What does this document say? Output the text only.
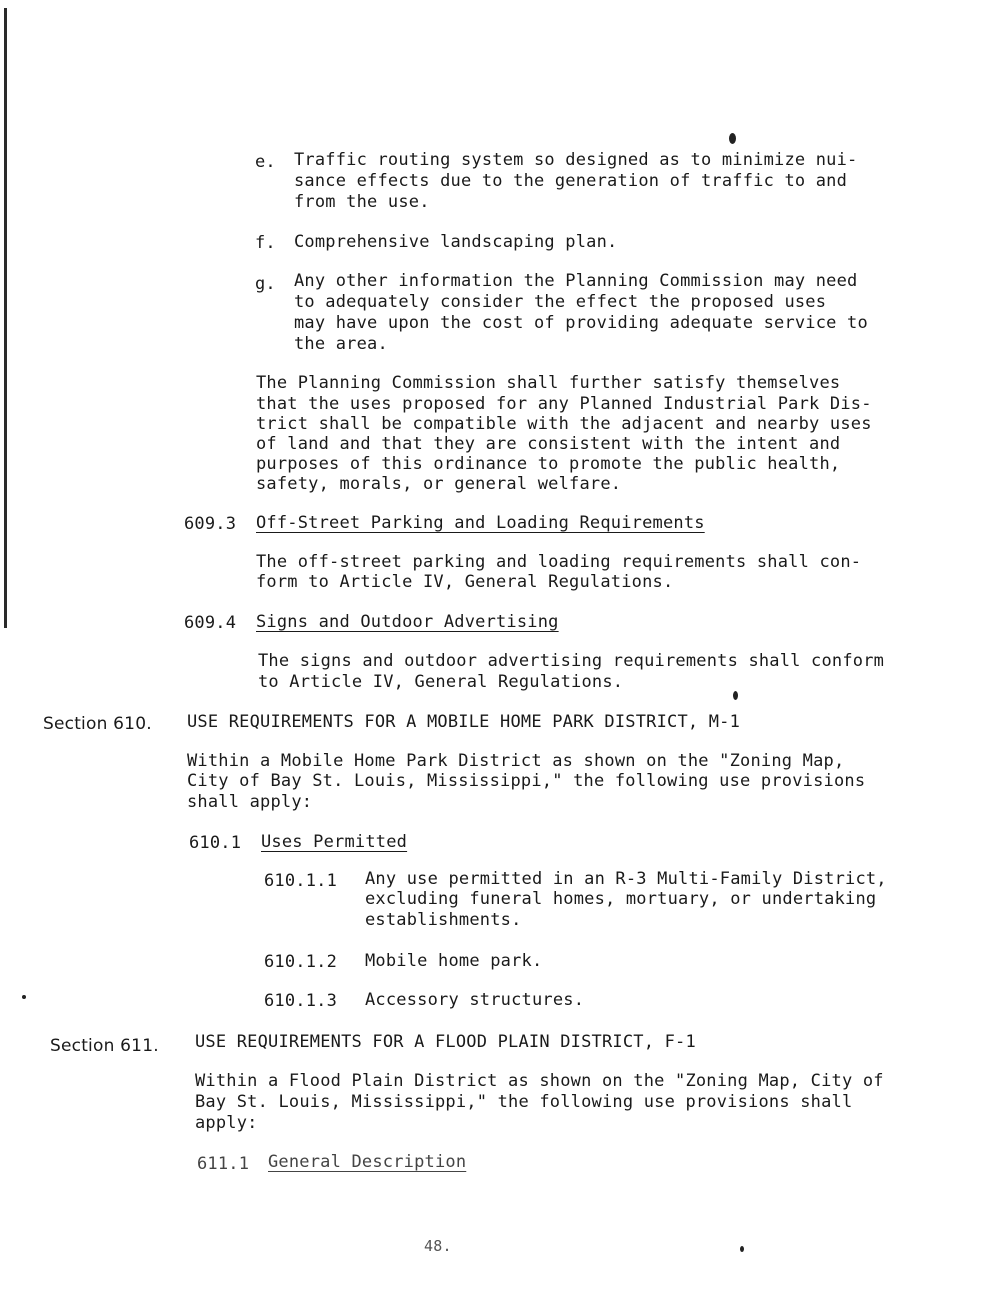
e. Traffic routing system so designed as to minimize nui-
sance effects due to the generation of traffic to and
from the use.
f. Comprehensive landscaping plan.
g. Any other information the Planning Commission may need
to adequately consider the effect the proposed uses
may have upon the cost of providing adequate service to
the area.
The Planning Commission shall further satisfy themselves
that the uses proposed for any Planned Industrial Park Dis-
trict shall be compatible with the adjacent and nearby uses
of land and that they are consistent with the intent and
purposes of this ordinance to promote the public health,
safety, morals, or general welfare.
609.3 Off-Street Parking and Loading Requirements
The off-street parking and loading requirements shall con-
form to Article IV, General Regulations.
609.4 Signs and Outdoor Advertising
The signs and outdoor advertising requirements shall conform
to Article IV, General Regulations.
Section 610. USE REQUIREMENTS FOR A MOBILE HOME PARK DISTRICT, M-1
Within a Mobile Home Park District as shown on the "Zoning Map,
City of Bay St. Louis, Mississippi," the following use provisions
shall apply:
610.1 Uses Permitted
610.1.1 Any use permitted in an R-3 Multi-Family District,
excluding funeral homes, mortuary, or undertaking
establishments.
610.1.2 Mobile home park.
610.1.3 Accessory structures.
Section 611. USE REQUIREMENTS FOR A FLOOD PLAIN DISTRICT, F-1
Within a Flood Plain District as shown on the "Zoning Map, City of
Bay St. Louis, Mississippi," the following use provisions shall
apply:
611.1 General Description
48.
